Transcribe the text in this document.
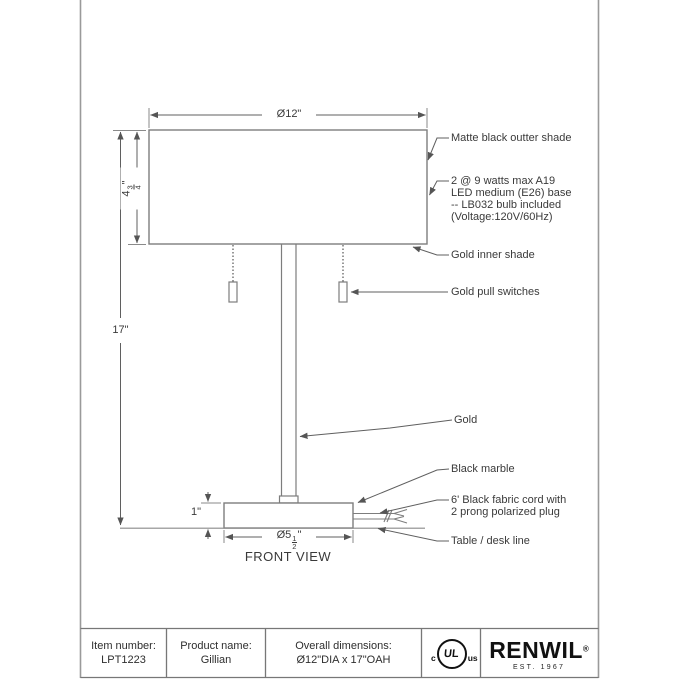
Ø12"
4
3 4
"
17"
1"
Ø5 $\frac{1}{2}$ "
FRONT VIEW
Matte black outter shade
2 @ 9 watts max A19
LED medium (E26) base
-- LB032 bulb included
(Voltage:120V/60Hz)
Gold inner shade
Gold pull switches
Gold
Black marble
6' Black fabric cord with
2 prong polarized plug
Table / desk line
Item number:
LPT1223
Product name:
Gillian
Overall dimensions:
Ø12"DIA x 17"OAH	c UL us RENWIL®
EST. 1967
